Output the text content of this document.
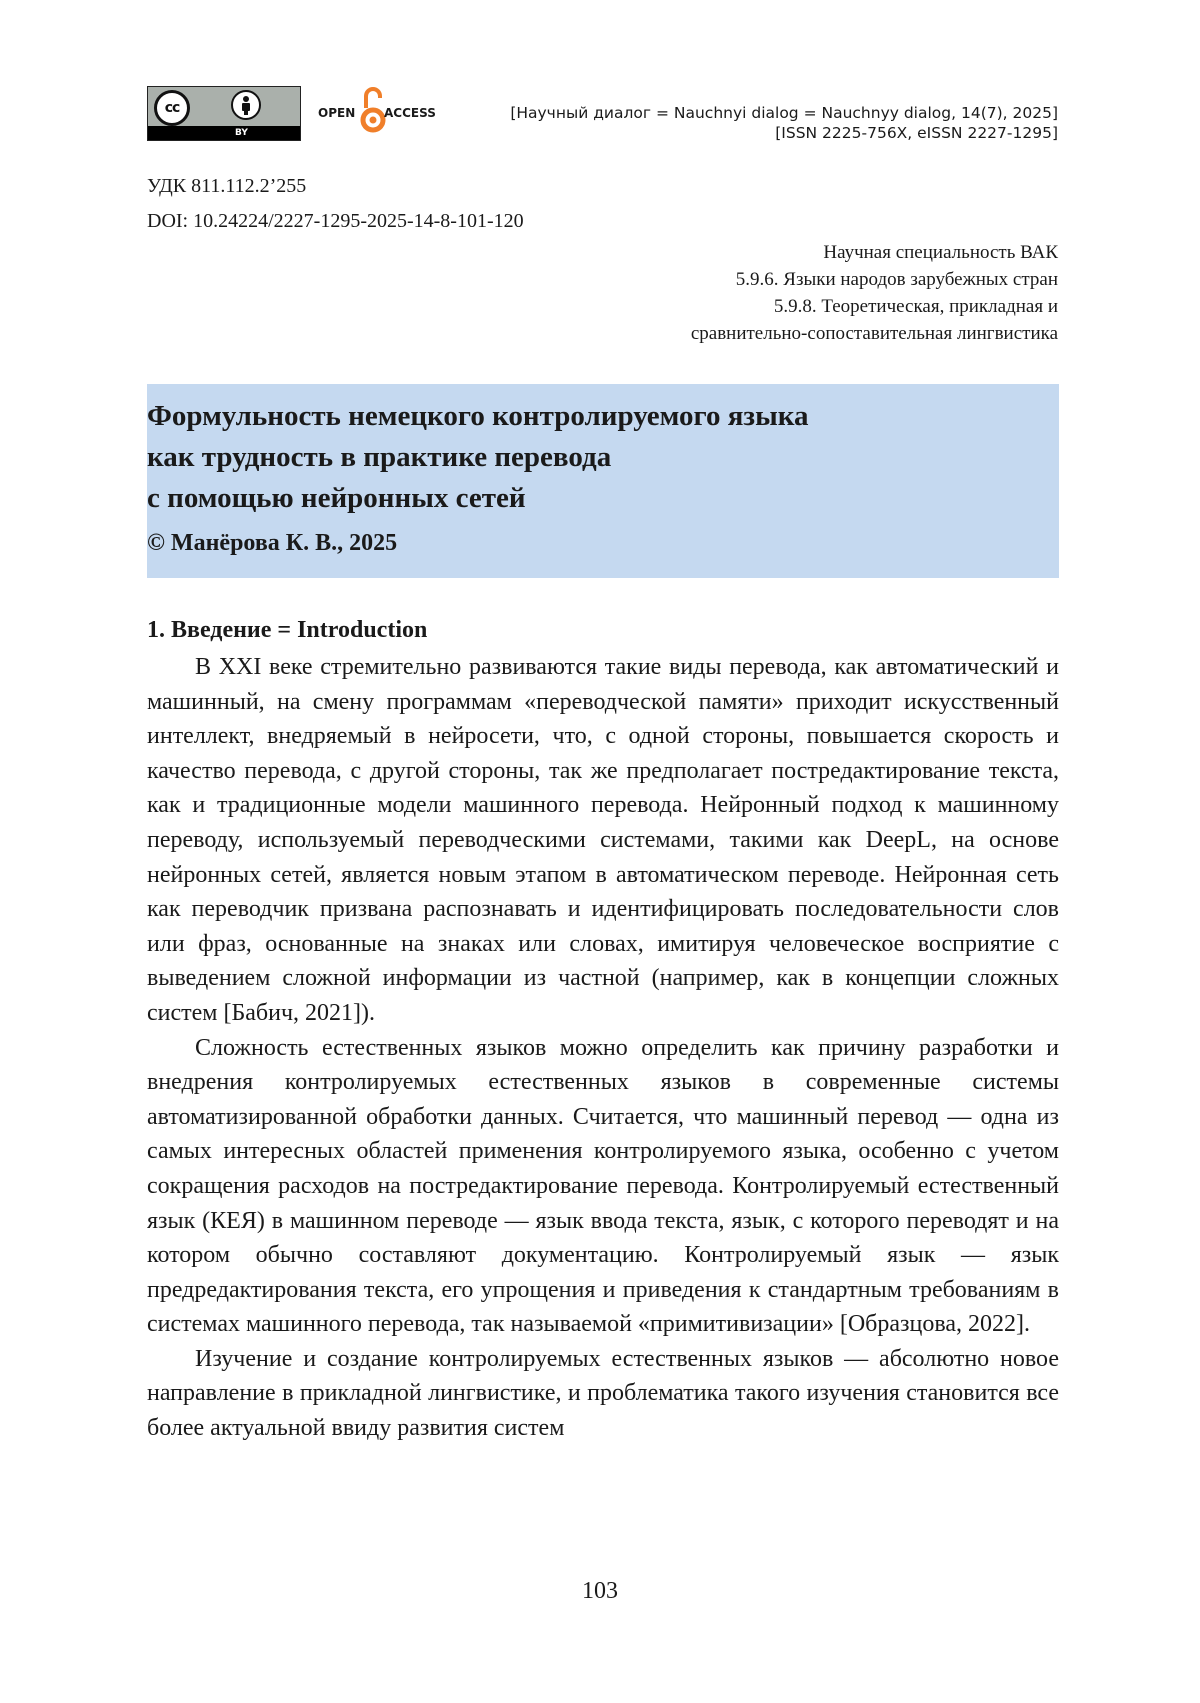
cc
BY
OPEN ACCESS	[Научный диалог = Nauchnyi dialog = Nauchnyy dialog, 14(7), 2025]
[ISSN 2225-756X, eISSN 2227-1295]
УДК 811.112.2’255
DOI: 10.24224/2227-1295-2025-14-8-101-120
Научная специальность ВАК
5.9.6. Языки народов зарубежных стран
5.9.8. Теоретическая, прикладная и
сравнительно-сопоставительная лингвистика
Формульность немецкого контролируемого языка
как трудность в практике перевода
с помощью нейронных сетей
© Манёрова К. В., 2025
1. Введение = Introduction

В XXI веке стремительно развиваются такие виды перевода, как автоматический и машинный, на смену программам «переводческой памяти» приходит искусственный интеллект, внедряемый в нейросети, что, с одной стороны, повышается скорость и качество перевода, с другой стороны, так же предполагает постредактирование текста, как и традиционные модели машинного перевода. Нейронный подход к машинному переводу, используемый переводческими системами, такими как DeepL, на основе нейронных сетей, является новым этапом в автоматическом переводе. Нейронная сеть как переводчик призвана распознавать и идентифицировать последовательности слов или фраз, основанные на знаках или словах, имитируя человеческое восприятие с выведением сложной информации из частной (например, как в концепции сложных систем [Бабич, 2021]).

Сложность естественных языков можно определить как причину разработки и внедрения контролируемых естественных языков в современные системы автоматизированной обработки данных. Считается, что машинный перевод — одна из самых интересных областей применения контролируемого языка, особенно с учетом сокращения расходов на постредактирование перевода. Контролируемый естественный язык (КЕЯ) в машинном переводе — язык ввода текста, язык, с которого переводят и на котором обычно составляют документацию. Контролируемый язык — язык предредактирования текста, его упрощения и приведения к стандартным требованиям в системах машинного перевода, так называемой «примитивизации» [Образцова, 2022].

Изучение и создание контролируемых естественных языков — абсолютно новое направление в прикладной лингвистике, и проблематика такого изучения становится все более актуальной ввиду развития систем

103
